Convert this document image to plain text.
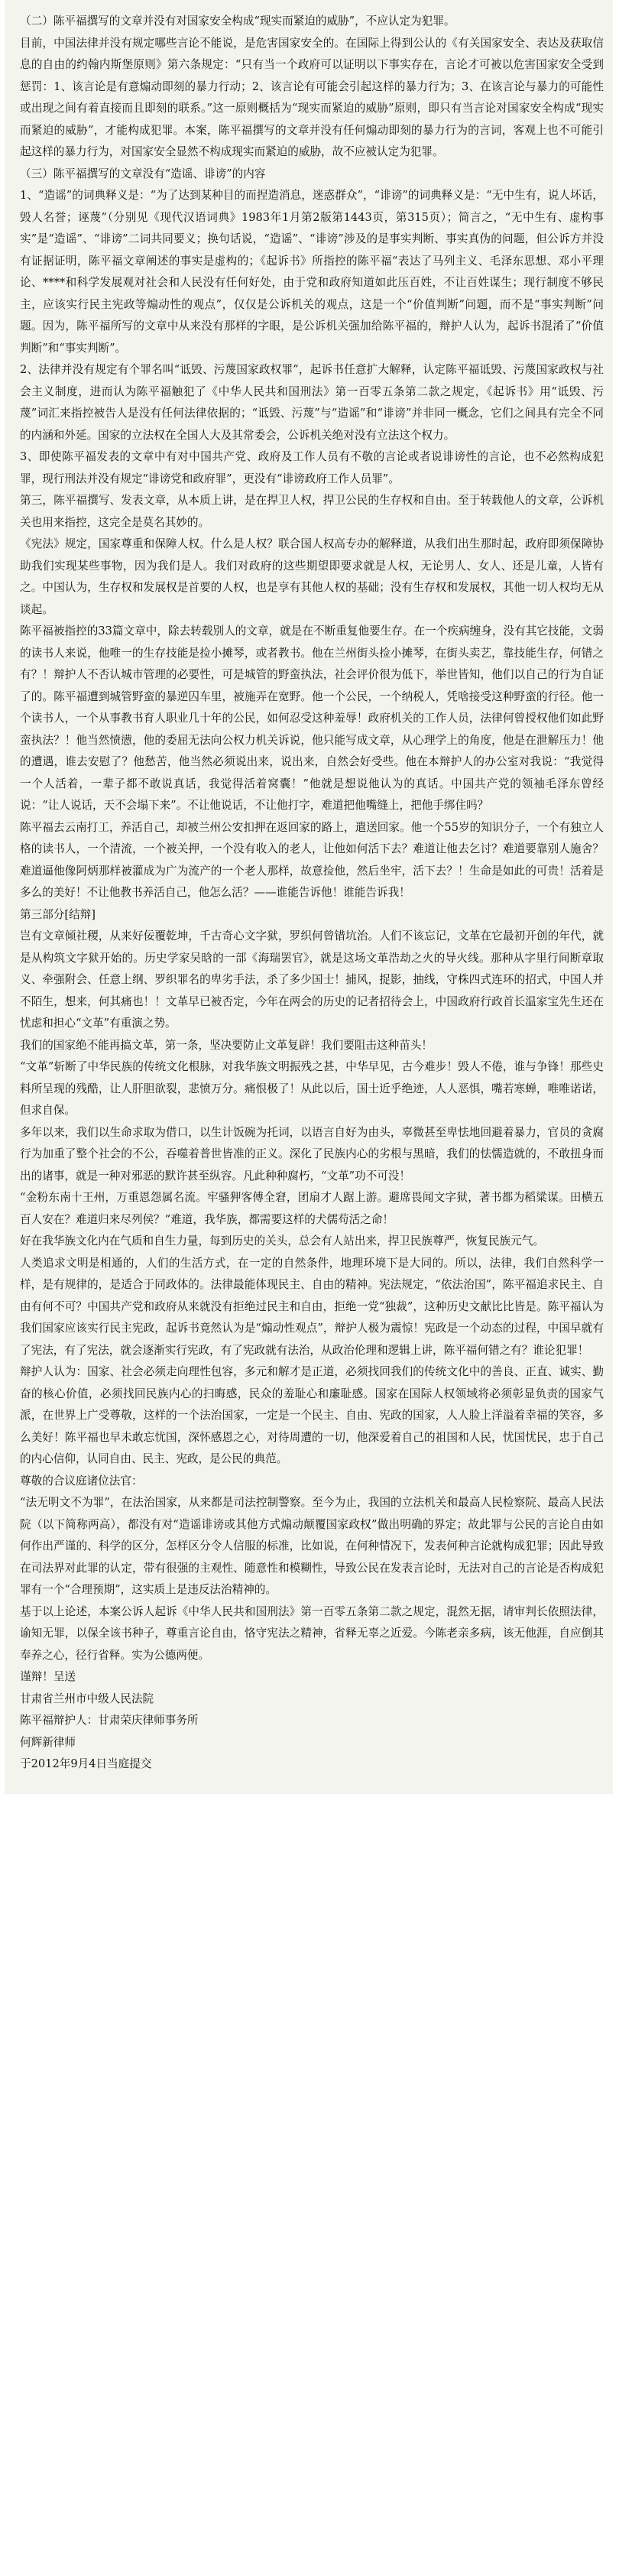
（二）陈平福撰写的文章并没有对国家安全构成“现实而紧迫的威胁”，不应认定为犯罪。

目前，中国法律并没有规定哪些言论不能说，是危害国家安全的。在国际上得到公认的《有关国家安全、表达及获取信息的自由的约翰内斯堡原则》第六条规定：“只有当一个政府可以证明以下事实存在，言论才可被以危害国家安全受到惩罚：1、该言论是有意煽动即刻的暴力行动；2、该言论有可能会引起这样的暴力行为；3、在该言论与暴力的可能性或出现之间有着直接而且即刻的联系。”这一原则概括为“现实而紧迫的威胁”原则，即只有当言论对国家安全构成“现实而紧迫的威胁”，才能构成犯罪。本案，陈平福撰写的文章并没有任何煽动即刻的暴力行为的言词，客观上也不可能引起这样的暴力行为，对国家安全显然不构成现实而紧迫的威胁，故不应被认定为犯罪。

（三）陈平福撰写的文章没有“造谣、诽谤”的内容

1、“造谣”的词典释义是：“为了达到某种目的而捏造消息，迷惑群众”，“诽谤”的词典释义是：“无中生有，说人坏话，毁人名誉；诬蔑”（分别见《现代汉语词典》1983年1月第2版第1443页，第315页）；简言之，“无中生有、虚构事实”是“造谣”、“诽谤”二词共同要义；换句话说，“造谣”、“诽谤”涉及的是事实判断、事实真伪的问题，但公诉方并没有证据证明，陈平福文章阐述的事实是虚构的；《起诉书》所指控的陈平福“表达了马列主义、毛泽东思想、邓小平理论、****和科学发展观对社会和人民没有任何好处，由于党和政府知道如此压百姓，不让百姓谋生；现行制度不够民主，应该实行民主宪政等煽动性的观点”，仅仅是公诉机关的观点，这是一个“价值判断”问题，而不是“事实判断”问题。因为，陈平福所写的文章中从来没有那样的字眼，是公诉机关强加给陈平福的，辩护人认为，起诉书混淆了“价值判断”和“事实判断”。

2、法律并没有规定有个罪名叫“诋毁、污蔑国家政权罪”，起诉书任意扩大解释，认定陈平福诋毁、污蔑国家政权与社会主义制度，进而认为陈平福触犯了《中华人民共和国刑法》第一百零五条第二款之规定，《起诉书》用“诋毁、污蔑”词汇来指控被告人是没有任何法律依据的；“诋毁、污蔑”与“造谣”和“诽谤”并非同一概念，它们之间具有完全不同的内涵和外延。国家的立法权在全国人大及其常委会，公诉机关绝对没有立法这个权力。

3、即使陈平福发表的文章中有对中国共产党、政府及工作人员有不敬的言论或者说诽谤性的言论，也不必然构成犯罪，现行刑法并没有规定“诽谤党和政府罪”，更没有“诽谤政府工作人员罪”。

第三，陈平福撰写、发表文章，从本质上讲，是在捍卫人权，捍卫公民的生存权和自由。至于转载他人的文章，公诉机关也用来指控，这完全是莫名其妙的。

《宪法》规定，国家尊重和保障人权。什么是人权？联合国人权高专办的解释道，从我们出生那时起，政府即须保障协助我们实现某些事物，因为我们是人。我们对政府的这些期望即要求就是人权，无论男人、女人、还是儿童，人皆有之。中国认为，生存权和发展权是首要的人权，也是享有其他人权的基础；没有生存权和发展权，其他一切人权均无从谈起。

陈平福被指控的33篇文章中，除去转载别人的文章，就是在不断重复他要生存。在一个疾病缠身，没有其它技能，文弱的读书人来说，他唯一的生存技能是捡小摊琴，或者教书。他在兰州街头捡小摊琴，在街头卖艺，靠技能生存，何错之有？！辩护人不否认城市管理的必要性，可是城管的野蛮执法，社会评价很为低下，举世皆知，他们以自己的行为自证了的。陈平福遭到城管野蛮的暴逆囚车里，被施弄在宽野。他一个公民，一个纳税人，凭啥接受这种野蛮的行径。他一个读书人，一个从事教书育人职业几十年的公民，如何忍受这种羞辱！政府机关的工作人员，法律何曾授权他们如此野蛮执法？！他当然愤懑，他的委屈无法向公权力机关诉说，他只能写成文章，从心理学上的角度，他是在泄解压力！他的遭遇，谁去安慰了？他愁苦，他当然必须说出来，说出来，自然会好受些。他在本辩护人的办公室对我说：“我觉得一个人活着，一辈子都不敢说真话，我觉得活着窝囊！”他就是想说他认为的真话。中国共产党的领袖毛泽东曾经说：“让人说话，天不会塌下来”。不让他说话，不让他打字，难道把他嘴缝上，把他手绑住吗？

陈平福去云南打工，养活自己，却被兰州公安扣押在返回家的路上，遣送回家。他一个55岁的知识分子，一个有独立人格的读书人，一个清流，一个被关押，一个没有收入的老人，让他如何活下去？难道让他去乞讨？难道要靠别人施舍？难道逼他像阿炳那样被灌成为广为流产的一个老人那样，故意捡他，然后坐牢，活下去？！生命是如此的可贵！活着是多么的美好！不让他教书养活自己，他怎么活？——谁能告诉他！谁能告诉我！

第三部分[结辩]

岂有文章倾社稷，从来好佞覆乾坤，千古奇心文字狱，罗织何曾错坑治。人们不该忘记，文革在它最初开创的年代，就是从构筑文字狱开始的。历史学家吴晗的一部《海瑞罢官》，就是这场文革浩劫之火的导火线。那种从字里行间断章取义、牵强附会、任意上纲、罗织罪名的卑劣手法，杀了多少国士！捕风，捉影，抽线，守株四式连环的招式，中国人并不陌生，想来，何其痛也！！文革早已被否定，今年在两会的历史的记者招待会上，中国政府行政首长温家宝先生还在忧虑和担心“文革”有重演之势。

我们的国家绝不能再搞文革，第一条，坚决要防止文革复辟！我们要阻击这种苗头！

“文革”斩断了中华民族的传统文化根脉，对我华族文明振残之甚，中华早见，古今难步！毁人不倦，谁与争锋！那些史料所呈现的残酷，让人肝胆欲裂，悲愤万分。痛恨极了！从此以后，国士近乎绝迹，人人恶惧，嘴若寒蝉，唯唯诺诺，但求自保。

多年以来，我们以生命求取为借口，以生计饭碗为托词，以语言自好为由头，辜微甚至卑怯地回避着暴力，官员的贪腐行为加重了整个社会的不公，吞噬着普世皆准的正义。深化了民族内心的劣根与黑暗，我们的怯懦造就的，不敢扭身而出的诸事，就是一种对邪恶的默许甚至纵容。凡此种种腐朽，“文革”功不可没！

“金粉东南十王州，万重恩怨属名流。牢骚狎客傅全窘，团扇才人踞上游。避席畏闻文字狱，著书都为稻粱谋。田横五百人安在？难道归来尽列侯？”难道，我华族，都需要这样的犬儒苟活之命！

好在我华族文化内在气质和自生力量，每到历史的关头，总会有人站出来，捍卫民族尊严，恢复民族元气。

人类追求文明是相通的，人们的生活方式，在一定的自然条件，地理环境下是大同的。所以，法律，我们自然科学一样，是有规律的，是适合于同政体的。法律最能体现民主、自由的精神。宪法规定，“依法治国”，陈平福追求民主、自由有何不可？中国共产党和政府从来就没有拒绝过民主和自由，拒绝一党“独裁”，这种历史文献比比皆是。陈平福认为我们国家应该实行民主宪政，起诉书竟然认为是“煽动性观点”，辩护人极为震惊！宪政是一个动态的过程，中国早就有了宪法，有了宪法，就会逐渐实行宪政，有了宪政就有法治，从政治伦理和逻辑上讲，陈平福何错之有？谁论犯罪！

辩护人认为：国家、社会必须走向理性包容，多元和解才是正道，必须找回我们的传统文化中的善良、正直、诚实、勤奋的核心价值，必须找回民族内心的扫晦感，民众的羞耻心和廉耻感。国家在国际人权领域将必须彰显负责的国家气派，在世界上广受尊敬，这样的一个法治国家，一定是一个民主、自由、宪政的国家，人人脸上洋溢着幸福的笑容，多么美好！陈平福也早未敢忘忧国，深怀感恩之心，对待周遭的一切，他深爱着自己的祖国和人民，忧国忧民，忠于自己的内心信仰，认同自由、民主、宪政，是公民的典范。

尊敬的合议庭诸位法官：

“法无明文不为罪”，在法治国家，从来都是司法控制警察。至今为止，我国的立法机关和最高人民检察院、最高人民法院（以下简称两高），都没有对“造谣诽谤或其他方式煽动颠覆国家政权”做出明确的界定；故此罪与公民的言论自由如何作出严谨的、科学的区分，怎样区分令人信服的标准，比如说，在何种情况下，发表何种言论就构成犯罪；因此导致在司法界对此罪的认定，带有很强的主观性、随意性和模糊性，导致公民在发表言论时，无法对自己的言论是否构成犯罪有一个“合理预期”，这实质上是违反法治精神的。

基于以上论述，本案公诉人起诉《中华人民共和国刑法》第一百零五条第二款之规定，混然无据，请审判长依照法律，谕知无罪，以保全该书种子，尊重言论自由，恪守宪法之精神，省释无辜之近爱。今陈老亲多病，该无他涯，自应倒其奉养之心，径行省释。实为公德两便。

谨辩！呈送

甘肃省兰州市中级人民法院

陈平福辩护人：甘肃荣庆律师事务所

何辉新律师

于2012年9月4日当庭提交
